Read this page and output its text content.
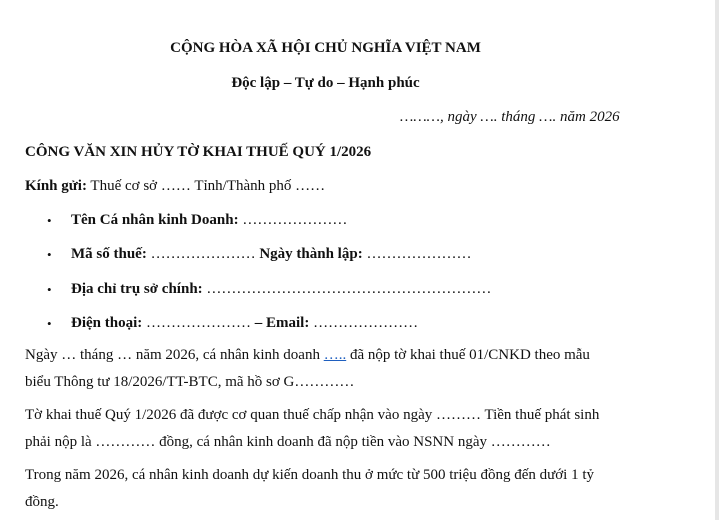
CỘNG HÒA XÃ HỘI CHỦ NGHĨA VIỆT NAM
Độc lập – Tự do – Hạnh phúc
………, ngày …. tháng …. năm 2026
CÔNG VĂN XIN HỦY TỜ KHAI THUẾ QUÝ 1/2026
Kính gửi: Thuế cơ sở …… Tỉnh/Thành phố ……
• Tên Cá nhân kinh Doanh: …………………
• Mã số thuế: ………………… Ngày thành lập: …………………
• Địa chỉ trụ sở chính: …………………………………………………
• Điện thoại: ………………… – Email: …………………
Ngày … tháng … năm 2026, cá nhân kinh doanh ….. đã nộp tờ khai thuế 01/CNKD theo mẫu
biểu Thông tư 18/2026/TT-BTC, mã hồ sơ G…………
Tờ khai thuế Quý 1/2026 đã được cơ quan thuế chấp nhận vào ngày ……… Tiền thuế phát sinh
phải nộp là ………… đồng, cá nhân kinh doanh đã nộp tiền vào NSNN ngày …………
Trong năm 2026, cá nhân kinh doanh dự kiến doanh thu ở mức từ 500 triệu đồng đến dưới 1 tỷ
đồng.
